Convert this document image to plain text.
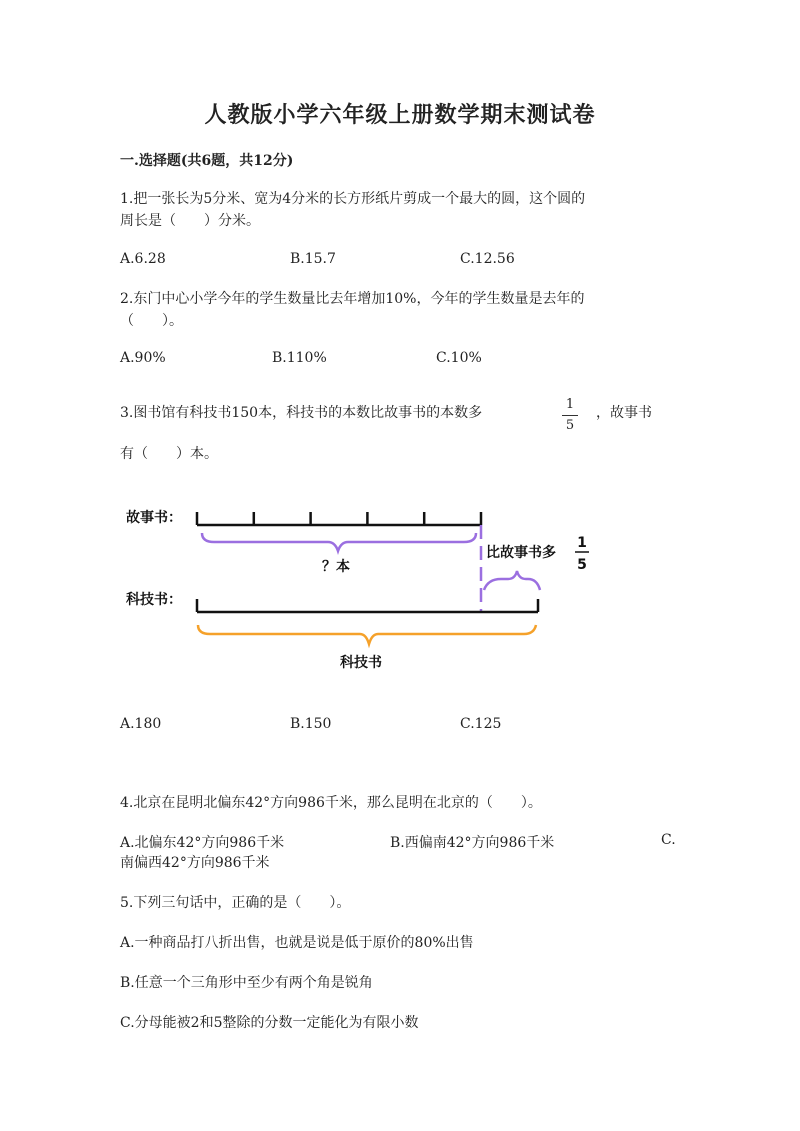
人教版小学六年级上册数学期末测试卷
一.选择题(共6题，共12分)
1.把一张长为5分米、宽为4分米的长方形纸片剪成一个最大的圆，这个圆的
周长是（　　）分米。
A.6.28	B.15.7	C.12.56
2.东门中心小学今年的学生数量比去年增加10%，今年的学生数量是去年的
（　　）。
A.90%	B.110%	C.10%
3.图书馆有科技书150本，科技书的本数比故事书的本数多
1
5
，故事书
有（　　）本。
故事书：
？本
比故事书多
1
5
科技书：
科技书
A.180	B.150	C.125
4.北京在昆明北偏东42°方向986千米，那么昆明在北京的（　　）。
A.北偏东42°方向986千米	B.西偏南42°方向986千米	C.
南偏西42°方向986千米
5.下列三句话中，正确的是（　　）。
A.一种商品打八折出售，也就是说是低于原价的80%出售
B.任意一个三角形中至少有两个角是锐角
C.分母能被2和5整除的分数一定能化为有限小数
